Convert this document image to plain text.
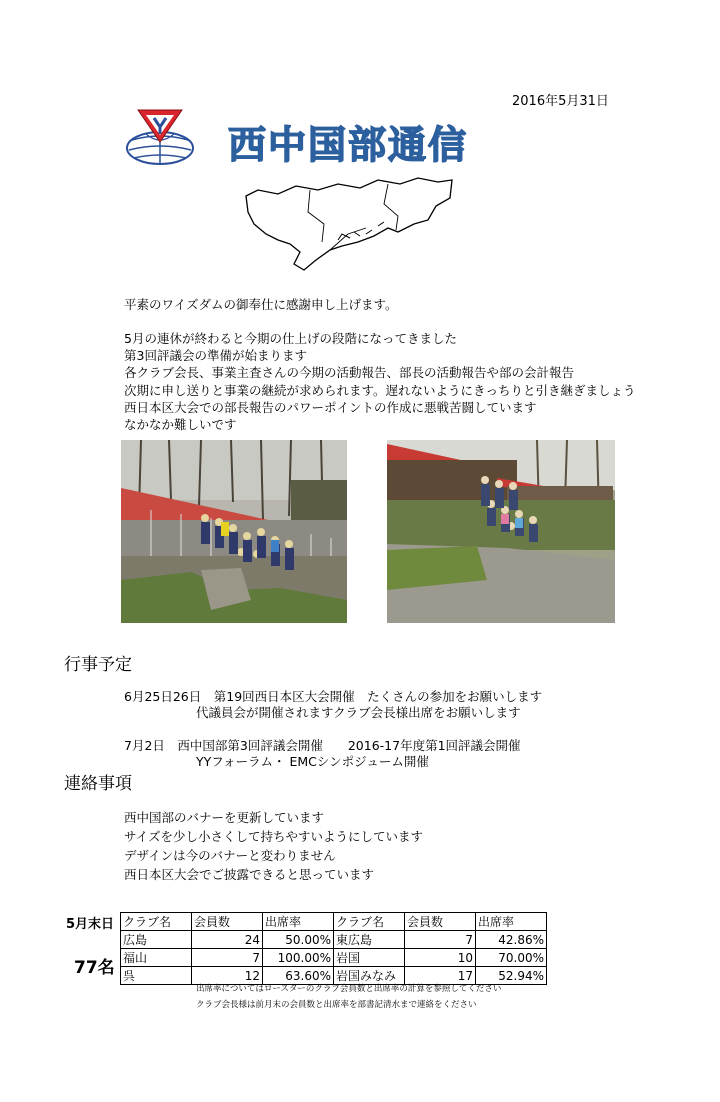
2016年5月31日
西中国部通信
平素のワイズダムの御奉仕に感謝申し上げます。
5月の連休が終わると今期の仕上げの段階になってきました
第3回評議会の準備が始まります
各クラブ会長、事業主査さんの今期の活動報告、部長の活動報告や部の会計報告
次期に申し送りと事業の継続が求められます。遅れないようにきっちりと引き継ぎましょう
西日本区大会での部長報告のパワーポイントの作成に悪戦苦闘しています
なかなか難しいです
行事予定
6月25日26日　第19回西日本区大会開催　たくさんの参加をお願いします
代議員会が開催されますクラブ会長様出席をお願いします
7月2日　西中国部第3回評議会開催　　2016-17年度第1回評議会開催
YYフォーラム・ EMCシンポジューム開催
連絡事項
西中国部のバナーを更新しています
サイズを少し小さくして持ちやすいようにしています
デザインは今のバナーと変わりません
西日本区大会でご披露できると思っています
5月末日
77名
クラブ名	会員数	出席率	クラブ名	会員数	出席率
広島	24	50.00%	東広島	7	42.86%
福山	7	100.00%	岩国	10	70.00%
呉	12	63.60%	岩国みなみ	17	52.94%
出席率についてはロースターのクラブ会員数と出席率の計算を参照してください
クラブ会長様は前月末の会員数と出席率を部書記清水まで連絡をください
